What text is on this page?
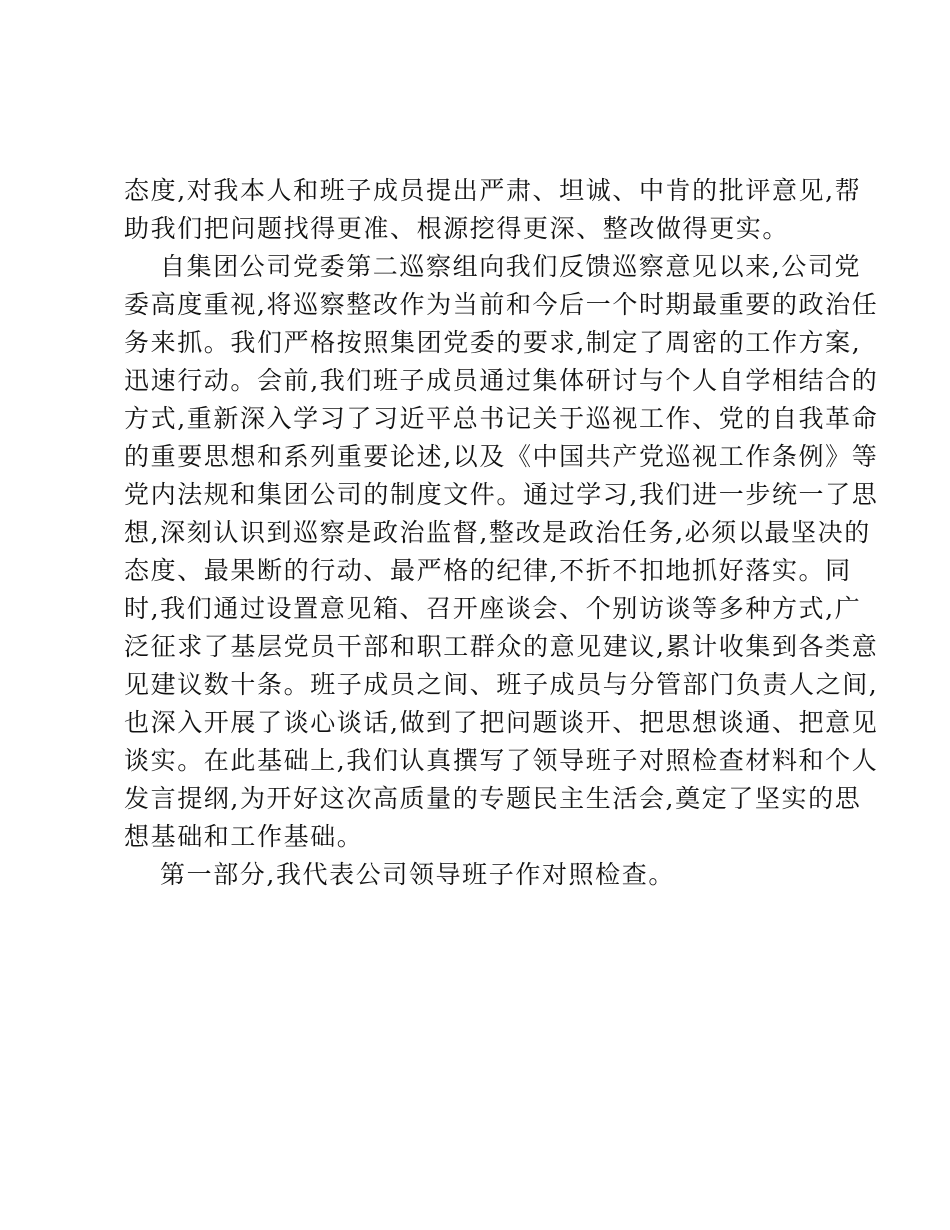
态度,对我本人和班子成员提出严肃、坦诚、中肯的批评意见,帮
助我们把问题找得更准、根源挖得更深、整改做得更实。
自集团公司党委第二巡察组向我们反馈巡察意见以来,公司党
委高度重视,将巡察整改作为当前和今后一个时期最重要的政治任
务来抓。我们严格按照集团党委的要求,制定了周密的工作方案,
迅速行动。会前,我们班子成员通过集体研讨与个人自学相结合的
方式,重新深入学习了习近平总书记关于巡视工作、党的自我革命
的重要思想和系列重要论述,以及《中国共产党巡视工作条例》等
党内法规和集团公司的制度文件。通过学习,我们进一步统一了思
想,深刻认识到巡察是政治监督,整改是政治任务,必须以最坚决的
态度、最果断的行动、最严格的纪律,不折不扣地抓好落实。同
时,我们通过设置意见箱、召开座谈会、个别访谈等多种方式,广
泛征求了基层党员干部和职工群众的意见建议,累计收集到各类意
见建议数十条。班子成员之间、班子成员与分管部门负责人之间,
也深入开展了谈心谈话,做到了把问题谈开、把思想谈通、把意见
谈实。在此基础上,我们认真撰写了领导班子对照检查材料和个人
发言提纲,为开好这次高质量的专题民主生活会,奠定了坚实的思
想基础和工作基础。
第一部分,我代表公司领导班子作对照检查。
